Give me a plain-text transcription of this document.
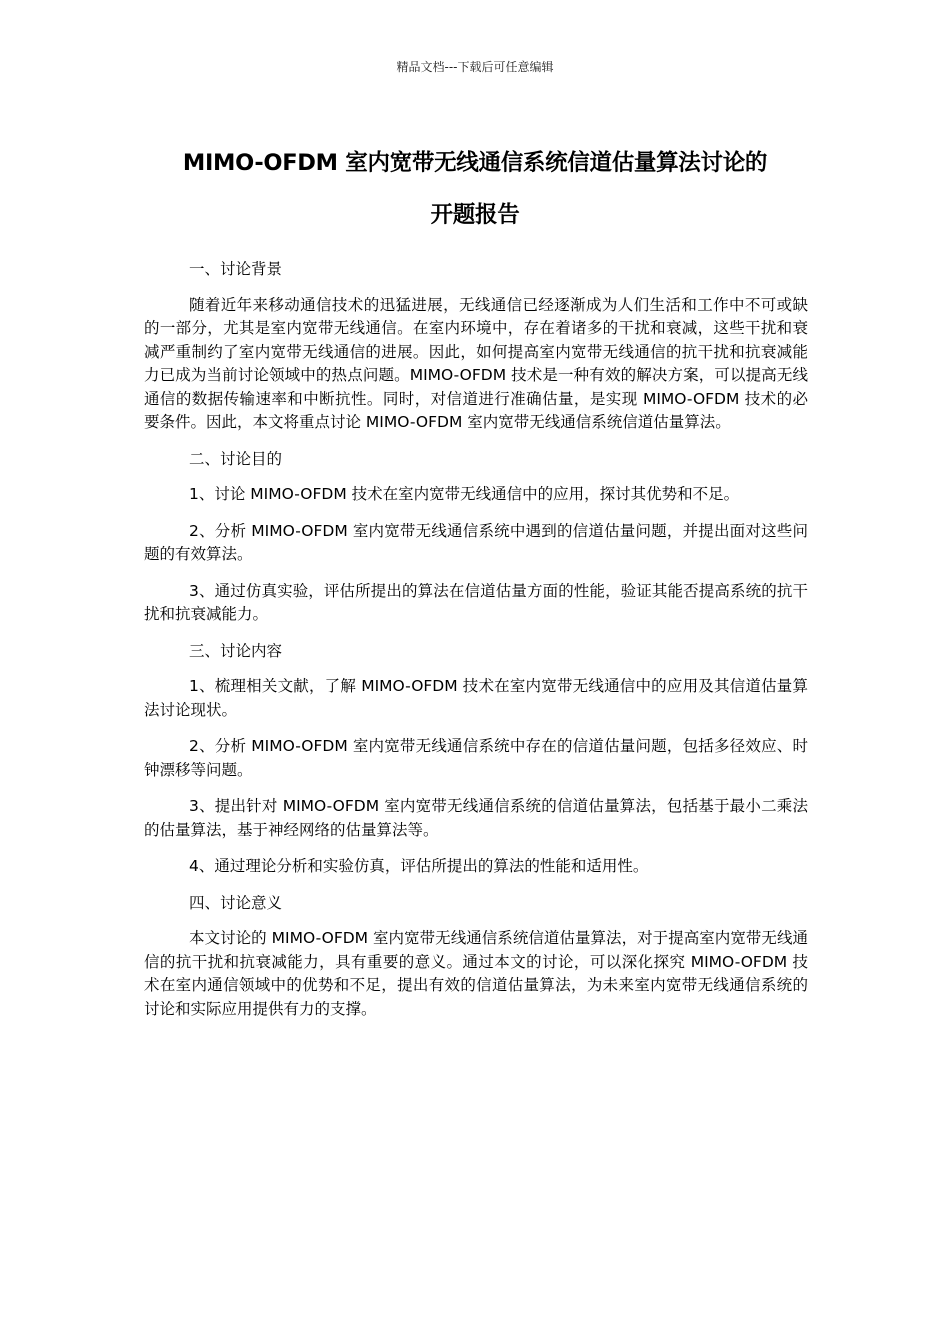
精品文档---下载后可任意编辑
MIMO-OFDM 室内宽带无线通信系统信道估量算法讨论的
开题报告

一、讨论背景

随着近年来移动通信技术的迅猛进展，无线通信已经逐渐成为人们生活和工作中不可或缺的一部分，尤其是室内宽带无线通信。在室内环境中，存在着诸多的干扰和衰减，这些干扰和衰减严重制约了室内宽带无线通信的进展。因此，如何提高室内宽带无线通信的抗干扰和抗衰减能力已成为当前讨论领域中的热点问题。MIMO-OFDM 技术是一种有效的解决方案，可以提高无线通信的数据传输速率和中断抗性。同时，对信道进行准确估量，是实现 MIMO-OFDM 技术的必要条件。因此，本文将重点讨论 MIMO-OFDM 室内宽带无线通信系统信道估量算法。

二、讨论目的

1、讨论 MIMO-OFDM 技术在室内宽带无线通信中的应用，探讨其优势和不足。

2、分析 MIMO-OFDM 室内宽带无线通信系统中遇到的信道估量问题，并提出面对这些问题的有效算法。

3、通过仿真实验，评估所提出的算法在信道估量方面的性能，验证其能否提高系统的抗干扰和抗衰减能力。

三、讨论内容

1、梳理相关文献，了解 MIMO-OFDM 技术在室内宽带无线通信中的应用及其信道估量算法讨论现状。

2、分析 MIMO-OFDM 室内宽带无线通信系统中存在的信道估量问题，包括多径效应、时钟漂移等问题。

3、提出针对 MIMO-OFDM 室内宽带无线通信系统的信道估量算法，包括基于最小二乘法的估量算法，基于神经网络的估量算法等。

4、通过理论分析和实验仿真，评估所提出的算法的性能和适用性。

四、讨论意义

本文讨论的 MIMO-OFDM 室内宽带无线通信系统信道估量算法，对于提高室内宽带无线通信的抗干扰和抗衰减能力，具有重要的意义。通过本文的讨论，可以深化探究 MIMO-OFDM 技术在室内通信领域中的优势和不足，提出有效的信道估量算法，为未来室内宽带无线通信系统的讨论和实际应用提供有力的支撑。
